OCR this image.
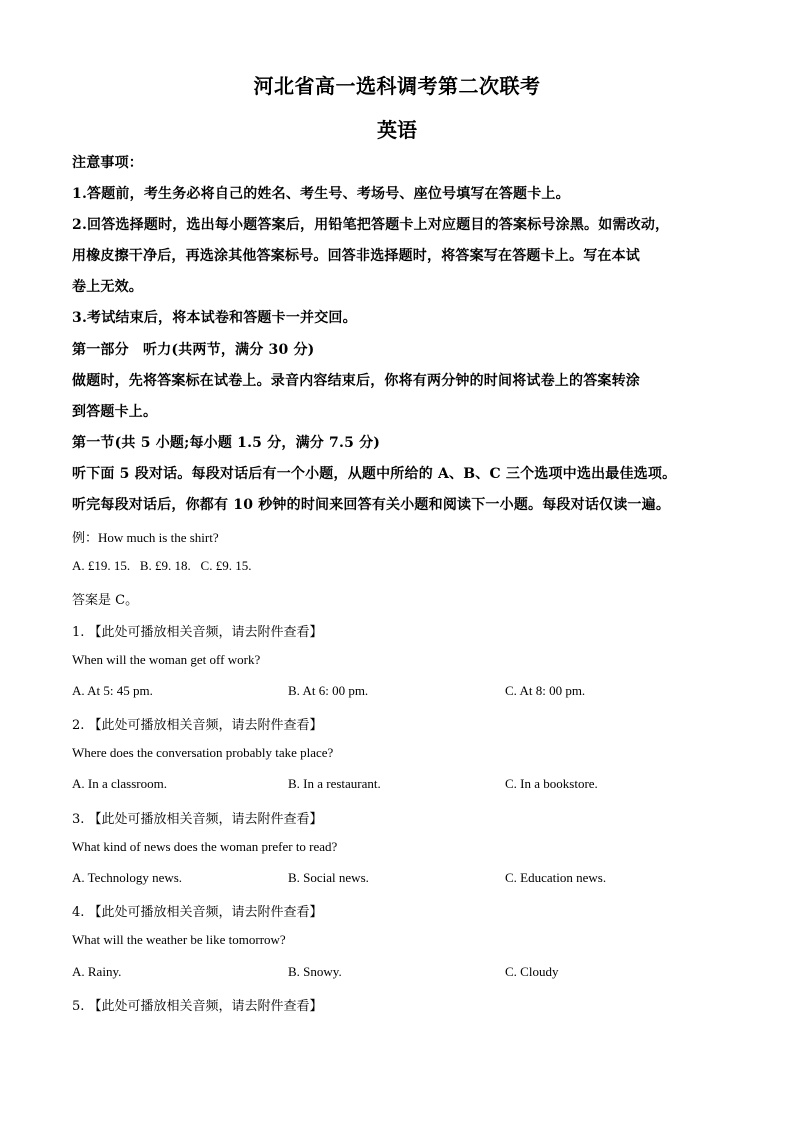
河北省高一选科调考第二次联考
英语
注意事项：
1.答题前，考生务必将自己的姓名、考生号、考场号、座位号填写在答题卡上。
2.回答选择题时，选出每小题答案后，用铅笔把答题卡上对应题目的答案标号涂黑。如需改动，
用橡皮擦干净后，再选涂其他答案标号。回答非选择题时，将答案写在答题卡上。写在本试
卷上无效。
3.考试结束后，将本试卷和答题卡一并交回。
第一部分　听力(共两节，满分 30 分)
做题时，先将答案标在试卷上。录音内容结束后，你将有两分钟的时间将试卷上的答案转涂
到答题卡上。
第一节(共 5 小题;每小题 1.5 分，满分 7.5 分)
听下面 5 段对话。每段对话后有一个小题，从题中所给的 A、B、C 三个选项中选出最佳选项。
听完每段对话后，你都有 10 秒钟的时间来回答有关小题和阅读下一小题。每段对话仅读一遍。
例：How much is the shirt?
A. £19. 15.   B. £9. 18.   C. £9. 15.
答案是 C。
1. 【此处可播放相关音频，请去附件查看】
When will the woman get off work?
A. At 5: 45 pm.	B. At 6: 00 pm.	C. At 8: 00 pm.
2. 【此处可播放相关音频，请去附件查看】
Where does the conversation probably take place?
A. In a classroom.	B. In a restaurant.	C. In a bookstore.
3. 【此处可播放相关音频，请去附件查看】
What kind of news does the woman prefer to read?
A. Technology news.	B. Social news.	C. Education news.
4. 【此处可播放相关音频，请去附件查看】
What will the weather be like tomorrow?
A. Rainy.	B. Snowy.	C. Cloudy
5. 【此处可播放相关音频，请去附件查看】
